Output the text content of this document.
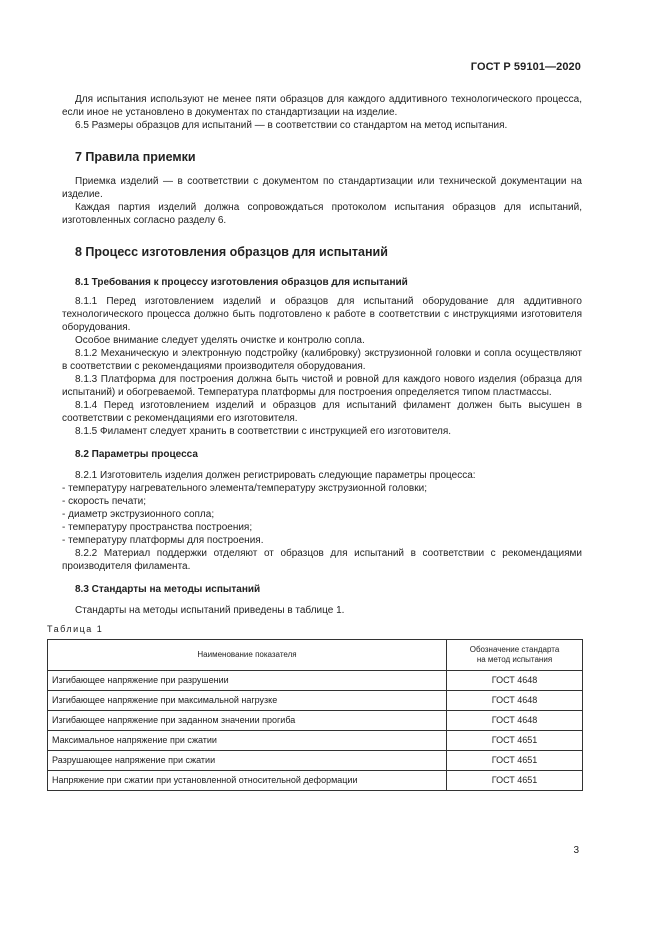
ГОСТ Р 59101—2020

Для испытания используют не менее пяти образцов для каждого аддитивного технологического процесса, если иное не установлено в документах по стандартизации на изделие.

6.5 Размеры образцов для испытаний — в соответствии со стандартом на метод испытания.

7 Правила приемки

Приемка изделий — в соответствии с документом по стандартизации или технической документации на изделие.

Каждая партия изделий должна сопровождаться протоколом испытания образцов для испытаний, изготовленных согласно разделу 6.

8 Процесс изготовления образцов для испытаний

8.1 Требования к процессу изготовления образцов для испытаний

8.1.1 Перед изготовлением изделий и образцов для испытаний оборудование для аддитивного технологического процесса должно быть подготовлено к работе в соответствии с инструкциями изготовителя оборудования.

Особое внимание следует уделять очистке и контролю сопла.

8.1.2 Механическую и электронную подстройку (калибровку) экструзионной головки и сопла осуществляют в соответствии с рекомендациями производителя оборудования.

8.1.3 Платформа для построения должна быть чистой и ровной для каждого нового изделия (образца для испытаний) и обогреваемой. Температура платформы для построения определяется типом пластмассы.

8.1.4 Перед изготовлением изделий и образцов для испытаний филамент должен быть высушен в соответствии с рекомендациями его изготовителя.

8.1.5 Филамент следует хранить в соответствии с инструкцией его изготовителя.

8.2 Параметры процесса

8.2.1 Изготовитель изделия должен регистрировать следующие параметры процесса:

- температуру нагревательного элемента/температуру экструзионной головки;

- скорость печати;

- диаметр экструзионного сопла;

- температуру пространства построения;

- температуру платформы для построения.

8.2.2 Материал поддержки отделяют от образцов для испытаний в соответствии с рекомендациями производителя филамента.

8.3 Стандарты на методы испытаний

Стандарты на методы испытаний приведены в таблице 1.

Таблица 1
Наименование показателя	Обозначение стандарта
на метод испытания
Изгибающее напряжение при разрушении	ГОСТ 4648
Изгибающее напряжение при максимальной нагрузке	ГОСТ 4648
Изгибающее напряжение при заданном значении прогиба	ГОСТ 4648
Максимальное напряжение при сжатии	ГОСТ 4651
Разрушающее напряжение при сжатии	ГОСТ 4651
Напряжение при сжатии при установленной относительной деформации	ГОСТ 4651
3
